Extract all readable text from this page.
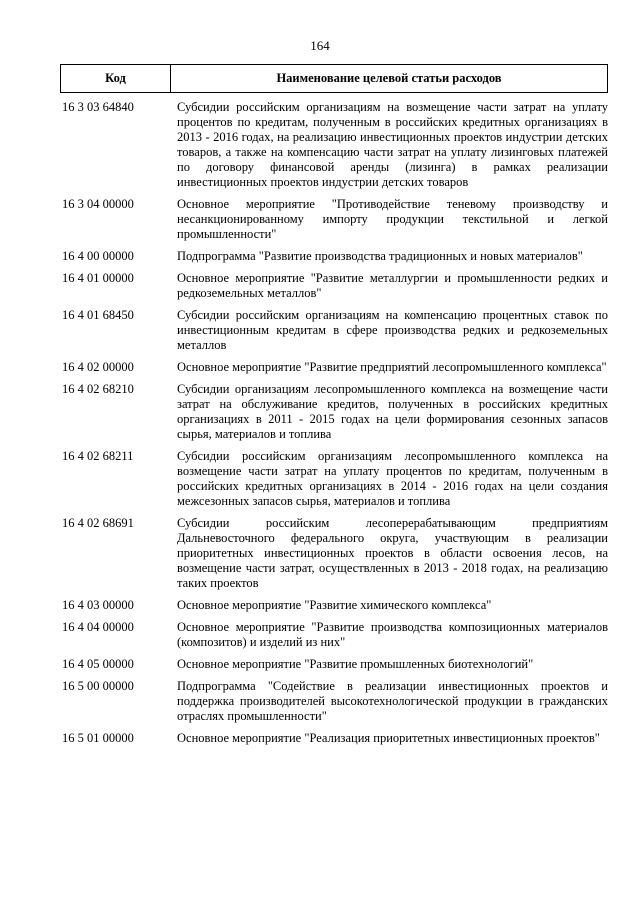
164
Код	Наименование целевой статьи расходов
16 3 03 64840	Субсидии российским организациям на возмещение части затрат на уплату процентов по кредитам, полученным в российских кредитных организациях в 2013 - 2016 годах, на реализацию инвестиционных проектов индустрии детских товаров, а также на компенсацию части затрат на уплату лизинговых платежей по договору финансовой аренды (лизинга) в рамках реализации инвестиционных проектов индустрии детских товаров
16 3 04 00000	Основное мероприятие "Противодействие теневому производству и несанкционированному импорту продукции текстильной и легкой промышленности"
16 4 00 00000	Подпрограмма "Развитие производства традиционных и новых материалов"
16 4 01 00000	Основное мероприятие "Развитие металлургии и промышленности редких и редкоземельных металлов"
16 4 01 68450	Субсидии российским организациям на компенсацию процентных ставок по инвестиционным кредитам в сфере производства редких и редкоземельных металлов
16 4 02 00000	Основное мероприятие "Развитие предприятий лесопромышленного комплекса"
16 4 02 68210	Субсидии организациям лесопромышленного комплекса на возмещение части затрат на обслуживание кредитов, полученных в российских кредитных организациях в 2011 - 2015 годах на цели формирования сезонных запасов сырья, материалов и топлива
16 4 02 68211	Субсидии российским организациям лесопромышленного комплекса на возмещение части затрат на уплату процентов по кредитам, полученным в российских кредитных организациях в 2014 - 2016 годах на цели создания межсезонных запасов сырья, материалов и топлива
16 4 02 68691	Субсидии российским лесоперерабатывающим предприятиям Дальневосточного федерального округа, участвующим в реализации приоритетных инвестиционных проектов в области освоения лесов, на возмещение части затрат, осуществленных в 2013 - 2018 годах, на реализацию таких проектов
16 4 03 00000	Основное мероприятие "Развитие химического комплекса"
16 4 04 00000	Основное мероприятие "Развитие производства композиционных материалов (композитов) и изделий из них"
16 4 05 00000	Основное мероприятие "Развитие промышленных биотехнологий"
16 5 00 00000	Подпрограмма "Содействие в реализации инвестиционных проектов и поддержка производителей высокотехнологической продукции в гражданских отраслях промышленности"
16 5 01 00000	Основное мероприятие "Реализация приоритетных инвестиционных проектов"
